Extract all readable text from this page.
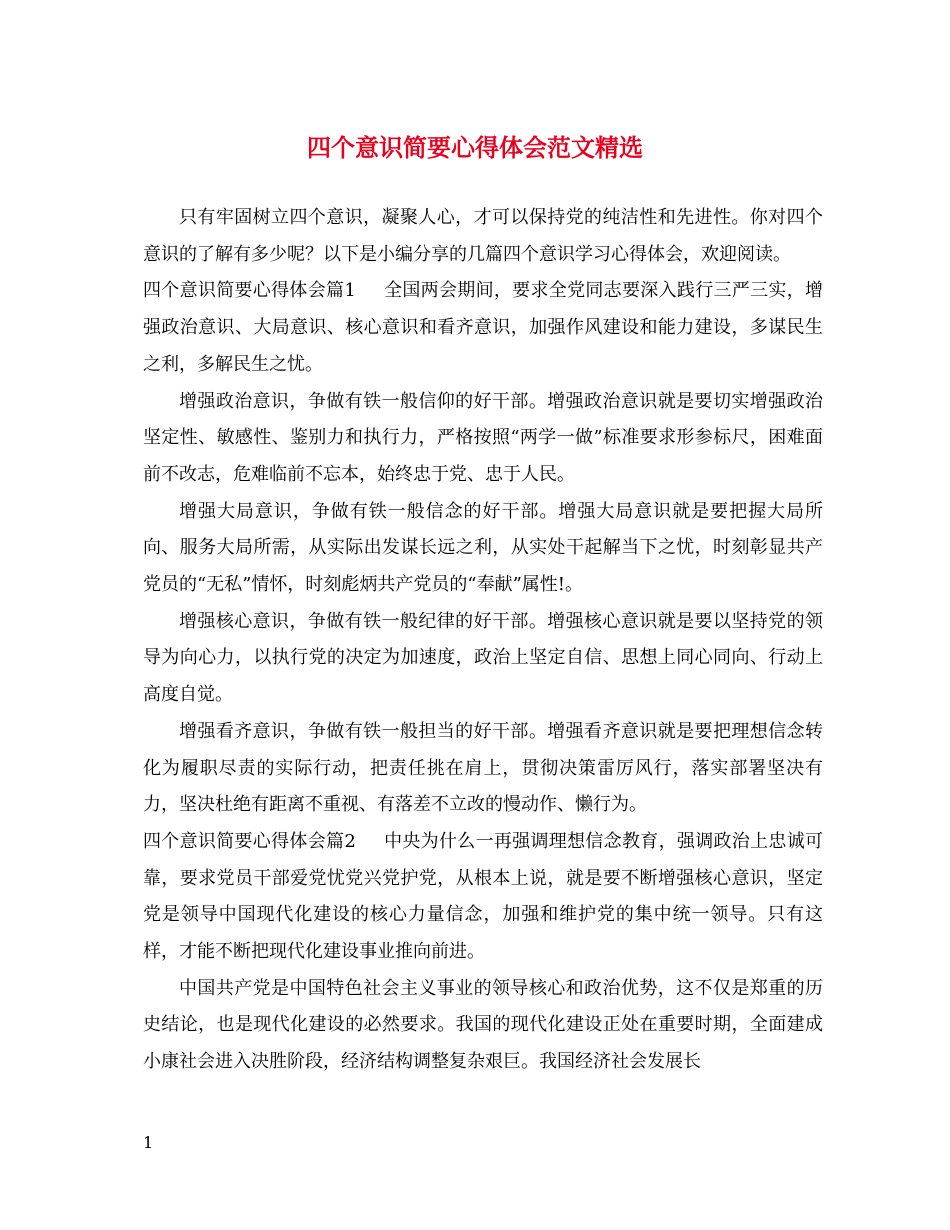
四个意识简要心得体会范文精选

只有牢固树立四个意识，凝聚人心，才可以保持党的纯洁性和先进性。你对四个意识的了解有多少呢？以下是小编分享的几篇四个意识学习心得体会，欢迎阅读。

四个意识简要心得体会篇1 全国两会期间，要求全党同志要深入践行三严三实，增强政治意识、大局意识、核心意识和看齐意识，加强作风建设和能力建设，多谋民生之利，多解民生之忧。

增强政治意识，争做有铁一般信仰的好干部。增强政治意识就是要切实增强政治坚定性、敏感性、鉴别力和执行力，严格按照“两学一做”标准要求形参标尺，困难面前不改志，危难临前不忘本，始终忠于党、忠于人民。

增强大局意识，争做有铁一般信念的好干部。增强大局意识就是要把握大局所向、服务大局所需，从实际出发谋长远之利，从实处干起解当下之忧，时刻彰显共产党员的“无私”情怀，时刻彪炳共产党员的“奉献”属性!。

增强核心意识，争做有铁一般纪律的好干部。增强核心意识就是要以坚持党的领导为向心力，以执行党的决定为加速度，政治上坚定自信、思想上同心同向、行动上高度自觉。

增强看齐意识，争做有铁一般担当的好干部。增强看齐意识就是要把理想信念转化为履职尽责的实际行动，把责任挑在肩上，贯彻决策雷厉风行，落实部署坚决有力，坚决杜绝有距离不重视、有落差不立改的慢动作、懒行为。

四个意识简要心得体会篇2 中央为什么一再强调理想信念教育，强调政治上忠诚可靠，要求党员干部爱党忧党兴党护党，从根本上说，就是要不断增强核心意识，坚定党是领导中国现代化建设的核心力量信念，加强和维护党的集中统一领导。只有这样，才能不断把现代化建设事业推向前进。

中国共产党是中国特色社会主义事业的领导核心和政治优势，这不仅是郑重的历史结论，也是现代化建设的必然要求。我国的现代化建设正处在重要时期，全面建成小康社会进入决胜阶段，经济结构调整复杂艰巨。我国经济社会发展长

1
